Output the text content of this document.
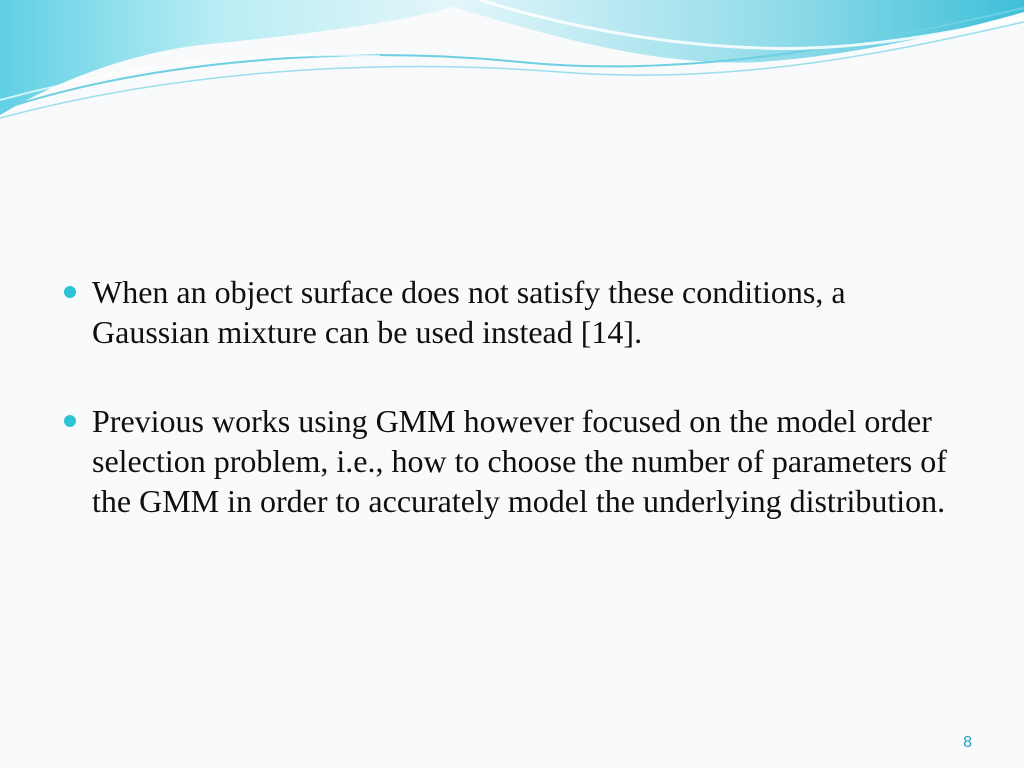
When an object surface does not satisfy these conditions, a Gaussian mixture can be used instead [14].
Previous works using GMM however focused on the model order selection problem, i.e., how to choose the number of parameters of the GMM in order to accurately model the underlying distribution.
8
